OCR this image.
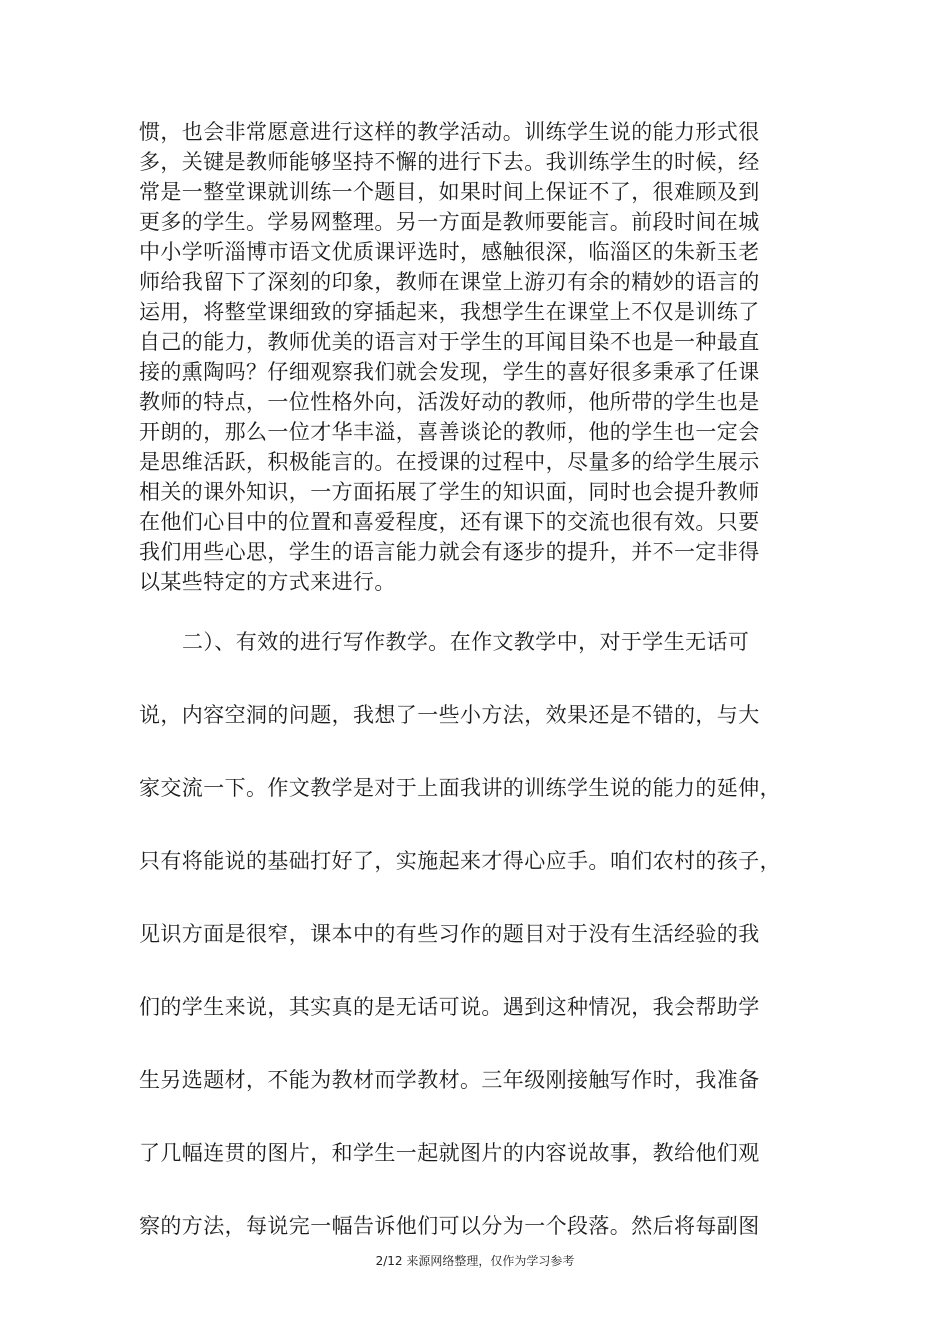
惯，也会非常愿意进行这样的教学活动。训练学生说的能力形式很
多，关键是教师能够坚持不懈的进行下去。我训练学生的时候，经
常是一整堂课就训练一个题目，如果时间上保证不了，很难顾及到
更多的学生。学易网整理。另一方面是教师要能言。前段时间在城
中小学听淄博市语文优质课评选时，感触很深，临淄区的朱新玉老
师给我留下了深刻的印象，教师在课堂上游刃有余的精妙的语言的
运用，将整堂课细致的穿插起来，我想学生在课堂上不仅是训练了
自己的能力，教师优美的语言对于学生的耳闻目染不也是一种最直
接的熏陶吗？仔细观察我们就会发现，学生的喜好很多秉承了任课
教师的特点，一位性格外向，活泼好动的教师，他所带的学生也是
开朗的，那么一位才华丰溢，喜善谈论的教师，他的学生也一定会
是思维活跃，积极能言的。在授课的过程中，尽量多的给学生展示
相关的课外知识，一方面拓展了学生的知识面，同时也会提升教师
在他们心目中的位置和喜爱程度，还有课下的交流也很有效。只要
我们用些心思，学生的语言能力就会有逐步的提升，并不一定非得
以某些特定的方式来进行。
二）、有效的进行写作教学。在作文教学中，对于学生无话可
说，内容空洞的问题，我想了一些小方法，效果还是不错的，与大
家交流一下。作文教学是对于上面我讲的训练学生说的能力的延伸，
只有将能说的基础打好了，实施起来才得心应手。咱们农村的孩子，
见识方面是很窄，课本中的有些习作的题目对于没有生活经验的我
们的学生来说，其实真的是无话可说。遇到这种情况，我会帮助学
生另选题材，不能为教材而学教材。三年级刚接触写作时，我准备
了几幅连贯的图片，和学生一起就图片的内容说故事，教给他们观
察的方法，每说完一幅告诉他们可以分为一个段落。然后将每副图
2/12 来源网络整理，仅作为学习参考
